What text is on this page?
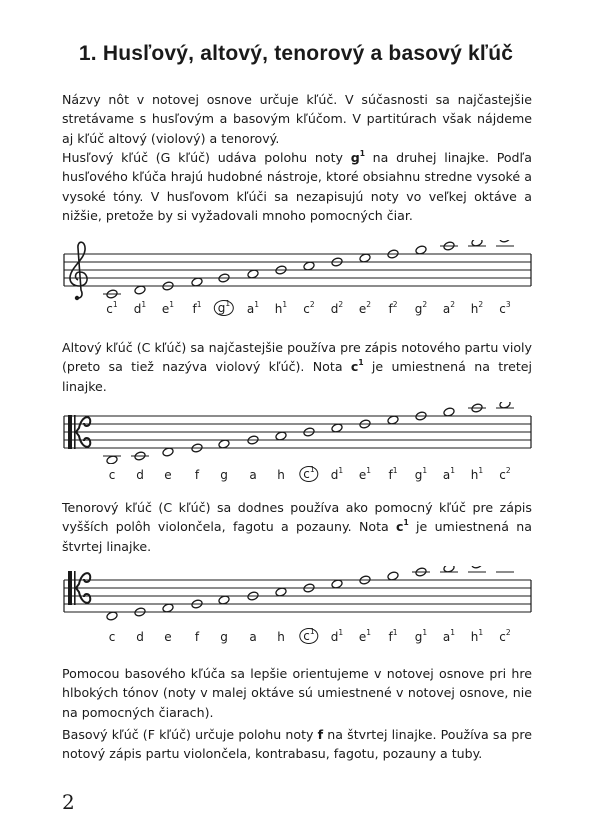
1. Husľový, altový, tenorový a basový kľúč

Názvy nôt v notovej osnove určuje kľúč. V súčasnosti sa najčastejšie stretávame s husľovým a basovým kľúčom. V partitúrach však nájdeme aj kľúč altový (violový) a tenorový.

Husľový kľúč (G kľúč) udáva polohu noty $g^1$ na druhej linajke. Podľa husľového kľúča hrajú hudobné nástroje, ktoré obsiahnu stredne vysoké a vysoké tóny. V husľovom kľúči sa nezapisujú noty vo veľkej oktáve a nižšie, pretože by si vyžadovali mnoho pomocných čiar.

$c^1$ $d^1$ $e^1$ $f^1$	$g^1$	$a^1$ $h^1$ $c^2$ $d^2$ $e^2$ $f^2$ $g^2$ $a^2$ $h^2$ $c^3$

Altový kľúč (C kľúč) sa najčastejšie používa pre zápis notového partu violy (preto sa tiež nazýva violový kľúč). Nota $c^1$ je umiestnená na tretej linajke.

c d e f g a h	$c^1$	$d^1$ $e^1$ $f^1$ $g^1$ $a^1$ $h^1$ $c^2$

Tenorový kľúč (C kľúč) sa dodnes používa ako pomocný kľúč pre zápis vyšších polôh violončela, fagotu a pozauny. Nota $c^1$ je umiestnená na štvrtej linajke.

c d e f g a h	$c^1$	$d^1$ $e^1$ $f^1$ $g^1$ $a^1$ $h^1$ $c^2$

Pomocou basového kľúča sa lepšie orientujeme v notovej osnove pri hre hlbokých tónov (noty v malej oktáve sú umiestnené v notovej osnove, nie na pomocných čiarach).

Basový kľúč (F kľúč) určuje polohu noty f na štvrtej linajke. Používa sa pre notový zápis partu violončela, kontrabasu, fagotu, pozauny a tuby.

2
